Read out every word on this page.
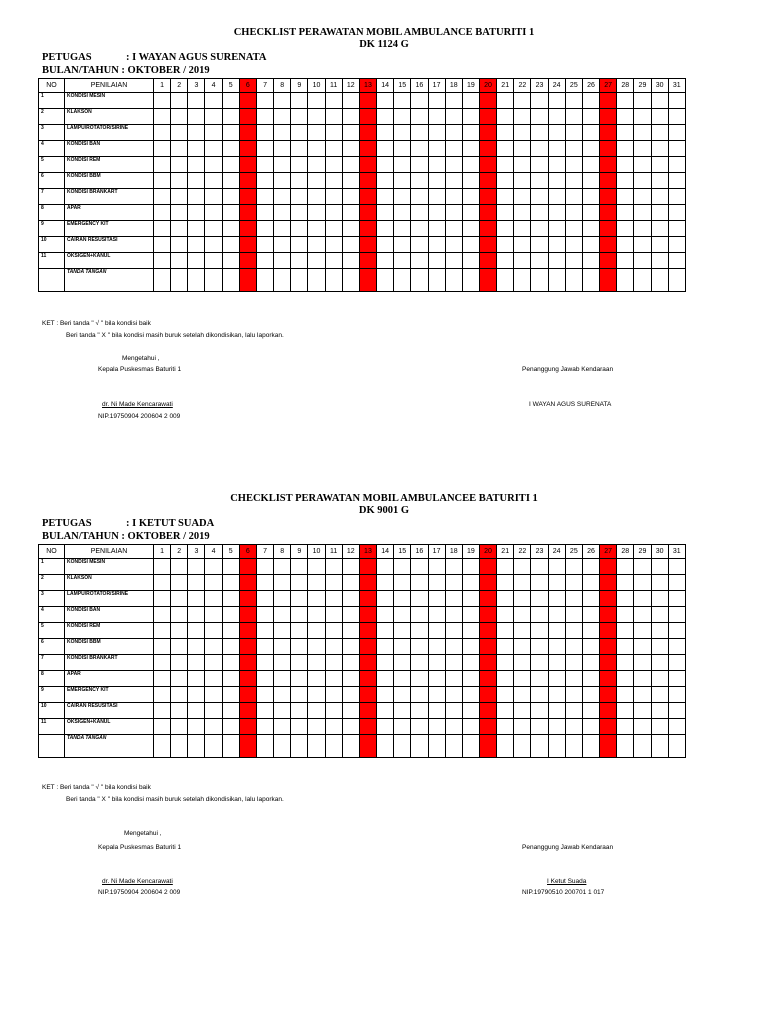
CHECKLIST PERAWATAN MOBIL AMBULANCE BATURITI 1
DK 1124 G
PETUGAS	: I WAYAN AGUS SURENATA
BULAN/TAHUN : OKTOBER / 2019
NO	PENILAIAN	1	2	3	4	5	6	7	8	9	10	11	12	13	14	15	16	17	18	19	20	21	22	23	24	25	26	27	28	29	30	31
1	KONDISI MESIN																															
2	KLAKSON																															
3	LAMPU/ROTATOR/SIRINE																															
4	KONDISI BAN																															
5	KONDISI REM																															
6	KONDISI BBM																															
7	KONDISI BRANKART																															
8	APAR																															
9	EMERGENCY KIT																															
10	CAIRAN RESUSITASI																															
11	OKSIGEN+KANUL																															
	TANDA TANGAN																															
KET : Beri tanda " √ " bila kondisi baik
Beri tanda " X " bila kondisi masih buruk setelah dikondisikan, lalu laporkan.
Mengetahui ,
Kepala Puskesmas Baturiti 1	Penanggung Jawab Kendaraan
dr. Ni Made Kencarawati	I WAYAN AGUS SURENATA
NIP.19750904 200604 2 009
CHECKLIST PERAWATAN MOBIL AMBULANCEE BATURITI 1
DK 9001 G
PETUGAS	: I KETUT SUADA
BULAN/TAHUN : OKTOBER / 2019
NO	PENILAIAN	1	2	3	4	5	6	7	8	9	10	11	12	13	14	15	16	17	18	19	20	21	22	23	24	25	26	27	28	29	30	31
1	KONDISI MESIN																															
2	KLAKSON																															
3	LAMPU/ROTATOR/SIRINE																															
4	KONDISI BAN																															
5	KONDISI REM																															
6	KONDISI BBM																															
7	KONDISI BRANKART																															
8	APAR																															
9	EMERGENCY KIT																															
10	CAIRAN RESUSITASI																															
11	OKSIGEN+KANUL																															
	TANDA TANGAN																															
KET : Beri tanda " √ " bila kondisi baik
Beri tanda " X " bila kondisi masih buruk setelah dikondisikan, lalu laporkan.
Mengetahui ,
Kepala Puskesmas Baturiti 1	Penanggung Jawab Kendaraan
dr. Ni Made Kencarawati	I Ketut Suada
NIP.19750904 200604 2 009	NIP.19790510 200701 1 017
